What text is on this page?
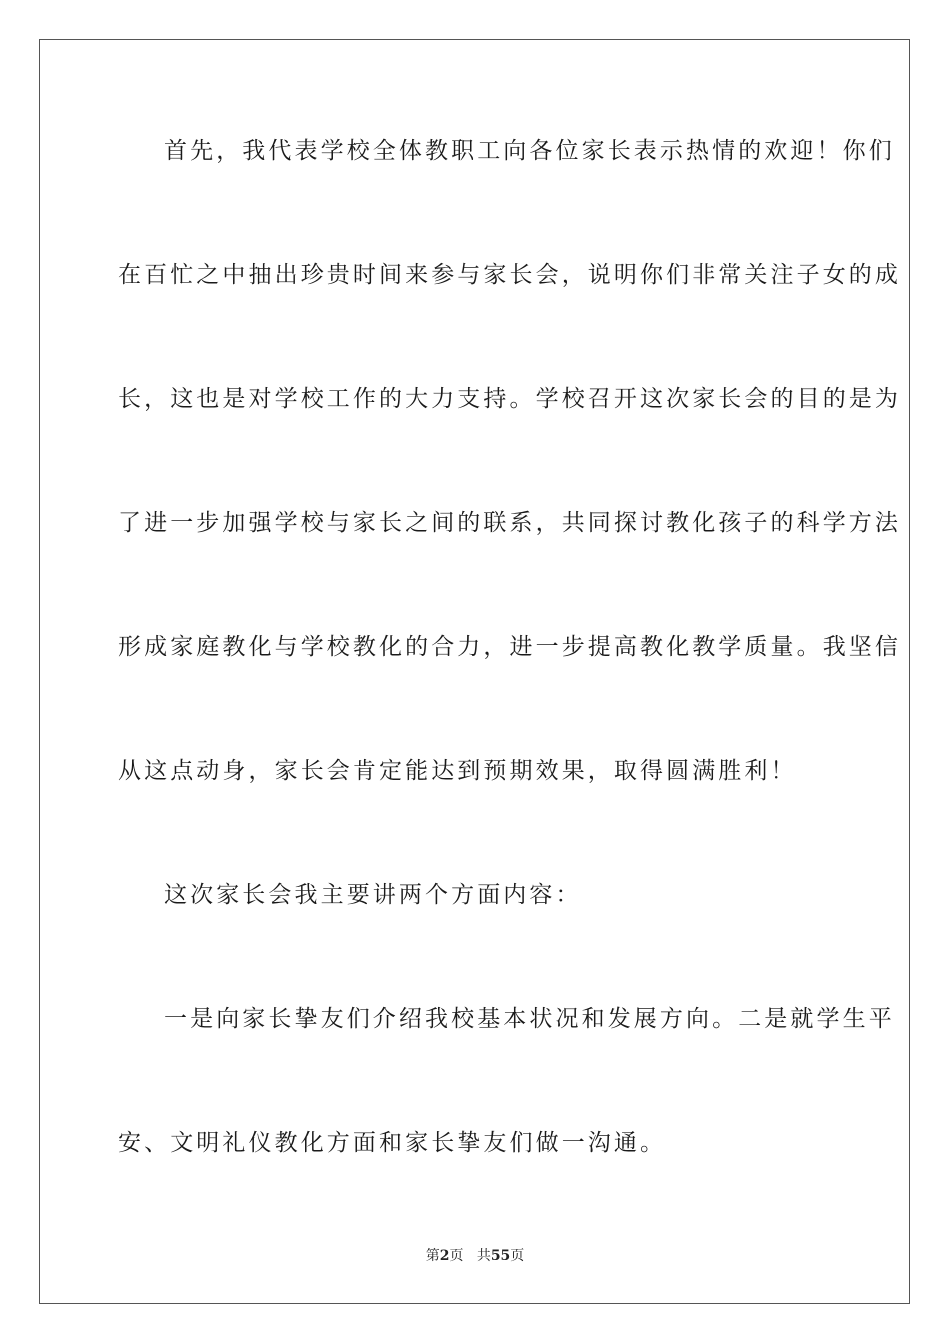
首先，我代表学校全体教职工向各位家长表示热情的欢迎！你们
在百忙之中抽出珍贵时间来参与家长会，说明你们非常关注子女的成
长，这也是对学校工作的大力支持。学校召开这次家长会的目的是为
了进一步加强学校与家长之间的联系，共同探讨教化孩子的科学方法
形成家庭教化与学校教化的合力，进一步提高教化教学质量。我坚信
从这点动身，家长会肯定能达到预期效果，取得圆满胜利！
这次家长会我主要讲两个方面内容：
一是向家长挚友们介绍我校基本状况和发展方向。二是就学生平
安、文明礼仪教化方面和家长挚友们做一沟通。
第2页 共55页
